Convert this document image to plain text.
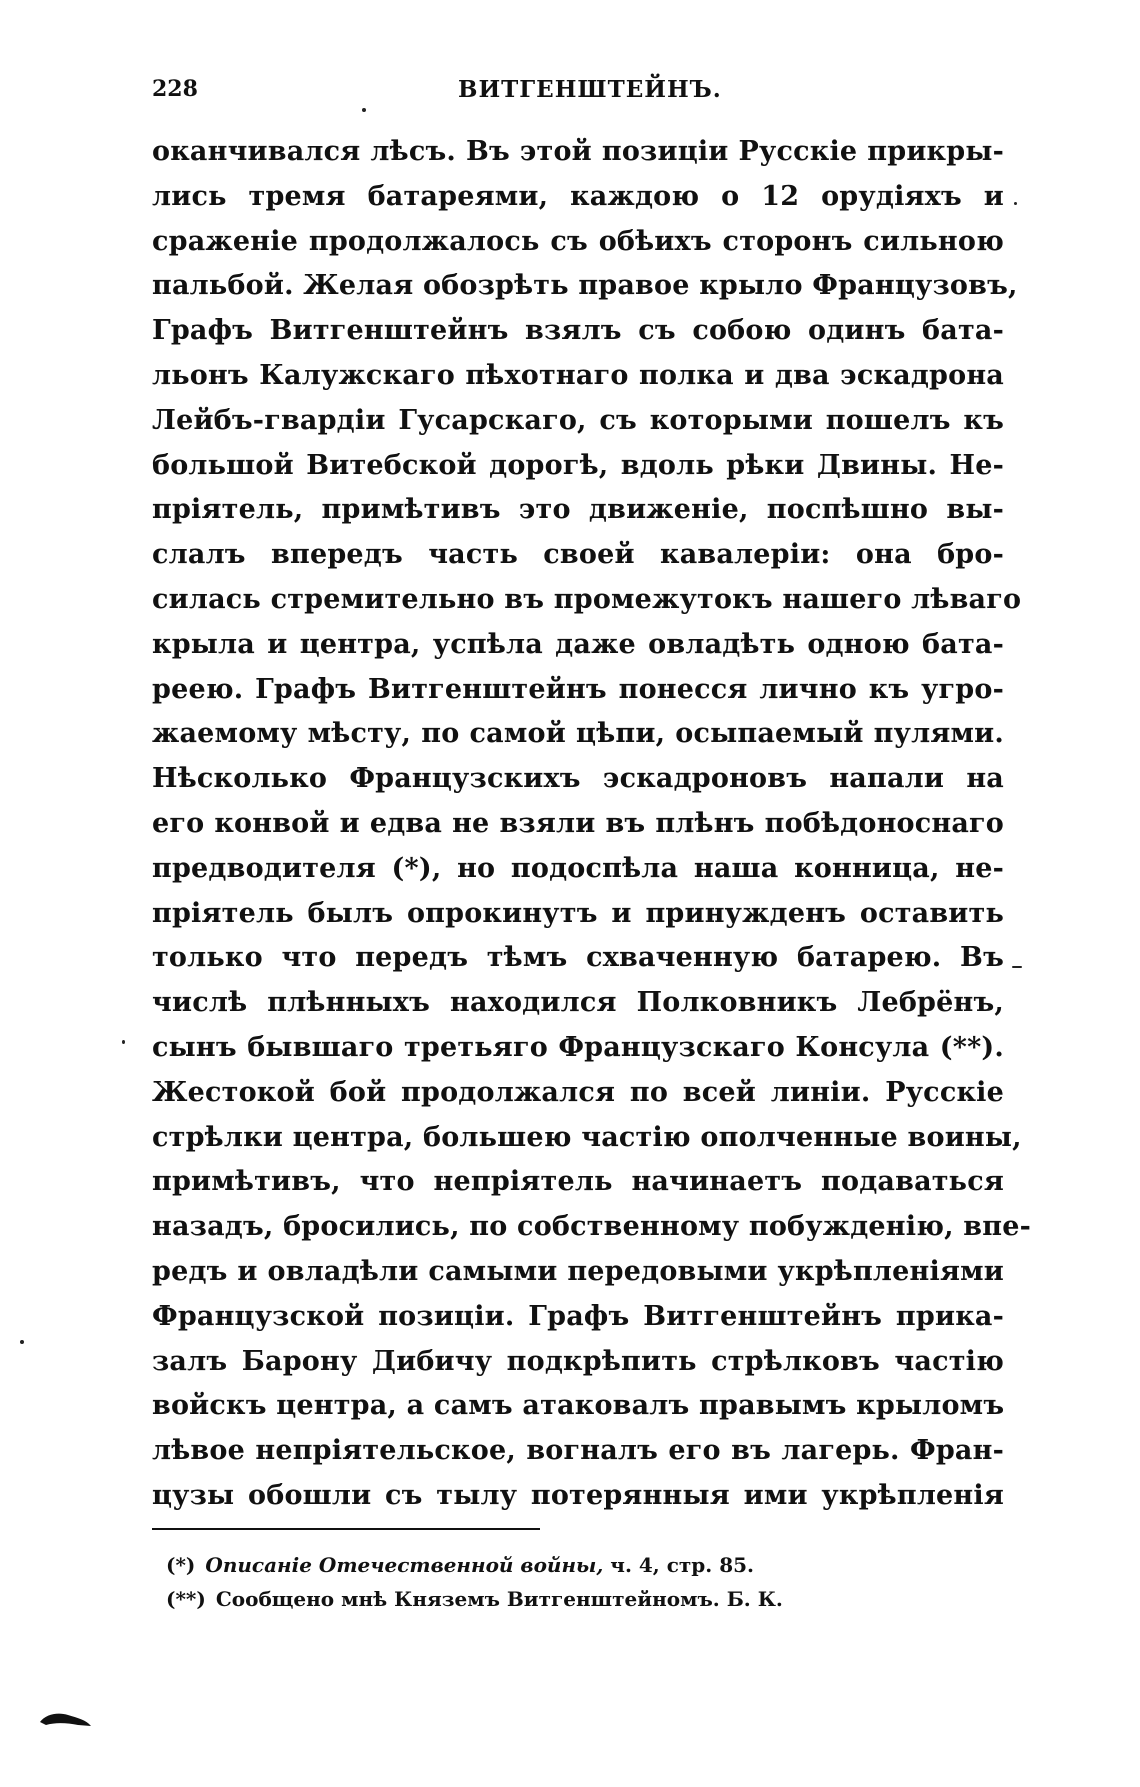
228	ВИТГЕНШТЕЙНЪ.
оканчивался лѣсъ. Въ этой позиціи Русскіе прикры-
лись тремя батареями, каждою о 12 орудіяхъ и
сраженіе продолжалось съ обѣихъ сторонъ сильною
пальбой. Желая обозрѣть правое крыло Французовъ,
Графъ Витгенштейнъ взялъ съ собою одинъ бата-
льонъ Калужскаго пѣхотнаго полка и два эскадрона
Лейбъ-гвардіи Гусарскаго, съ которыми пошелъ къ
большой Витебской дорогѣ, вдоль рѣки Двины. Не-
пріятель, примѣтивъ это движеніе, поспѣшно вы-
слалъ впередъ часть своей кавалеріи: она бро-
силась стремительно въ промежутокъ нашего лѣваго
крыла и центра, успѣла даже овладѣть одною бата-
реею. Графъ Витгенштейнъ понесся лично къ угро-
жаемому мѣсту, по самой цѣпи, осыпаемый пулями.
Нѣсколько Французскихъ эскадроновъ напали на
его конвой и едва не взяли въ плѣнъ побѣдоноснаго
предводителя (*), но подоспѣла наша конница, не-
пріятель былъ опрокинутъ и принужденъ оставить
только что передъ тѣмъ схваченную батарею. Въ
числѣ плѣнныхъ находился Полковникъ Лебрёнъ,
сынъ бывшаго третьяго Французскаго Консула (**).
Жестокой бой продолжался по всей линіи. Русскіе
стрѣлки центра, большею частію ополченные воины,
примѣтивъ, что непріятель начинаетъ подаваться
назадъ, бросились, по собственному побужденію, впе-
редъ и овладѣли самыми передовыми укрѣпленіями
Французской позиціи. Графъ Витгенштейнъ прика-
залъ Барону Дибичу подкрѣпить стрѣлковъ частію
войскъ центра, а самъ атаковалъ правымъ крыломъ
лѣвое непріятельское, вогналъ его въ лагерь. Фран-
цузы обошли съ тылу потерянныя ими укрѣпленія
(*) Описаніе Отечественной войны, ч. 4, стр. 85.
(**) Сообщено мнѣ Княземъ Витгенштейномъ. Б. К.
